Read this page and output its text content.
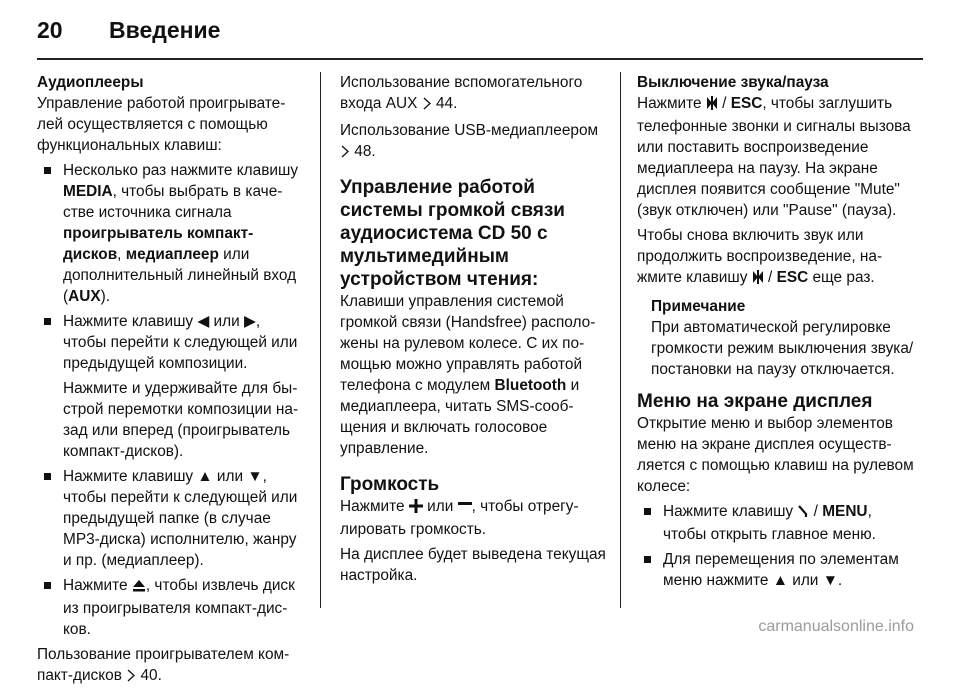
20 Введение
Аудиоплееры

Управление работой проигрывателей осуществляется с помощью функциональных клавиш:

Несколько раз нажмите клавишу MEDIA, чтобы выбрать в качестве источника сигнала проигрыватель компакт-дисков, медиаплеер или дополнительный линейный вход (AUX).
Нажмите клавишу ◀ или ▶, чтобы перейти к следующей или предыдущей композиции.
Нажмите и удерживайте для быстрой перемотки композиции назад или вперед (проигрыватель компакт-дисков).
Нажмите клавишу ▲ или ▼, чтобы перейти к следующей или предыдущей папке (в случае MP3-диска) исполнителю, жанру и пр. (медиаплеер).
Нажмите , чтобы извлечь диск из проигрывателя компакт-дисков.

Пользование проигрывателем компакт-дисков  40.

Использование вспомогательного входа AUX  44.

Использование USB-медиаплеером  48.

Управление работой системы громкой связи аудиосистема CD 50 с мультимедийным устройством чтения:

Клавиши управления системой громкой связи (Handsfree) расположены на рулевом колесе. С их помощью можно управлять работой телефона с модулем Bluetooth и медиаплеера, читать SMS-сообщения и включать голосовое управление.

Громкость

Нажмите  или , чтобы отрегулировать громкость.

На дисплее будет выведена текущая настройка.

Выключение звука/пауза

Нажмите  / ESC, чтобы заглушить телефонные звонки и сигналы вызова или поставить воспроизведение медиаплеера на паузу. На экране дисплея появится сообщение "Mute" (звук отключен) или "Pause" (пауза).

Чтобы снова включить звук или продолжить воспроизведение, нажмите клавишу  / ESC еще раз.

Примечание
При автоматической регулировке громкости режим выключения звука/постановки на паузу отключается.
Меню на экране дисплея

Открытие меню и выбор элементов меню на экране дисплея осуществляется с помощью клавиш на рулевом колесе:

Нажмите клавишу  / MENU, чтобы открыть главное меню.
Для перемещения по элементам меню нажмите ▲ или ▼.
carmanualsonline.info
